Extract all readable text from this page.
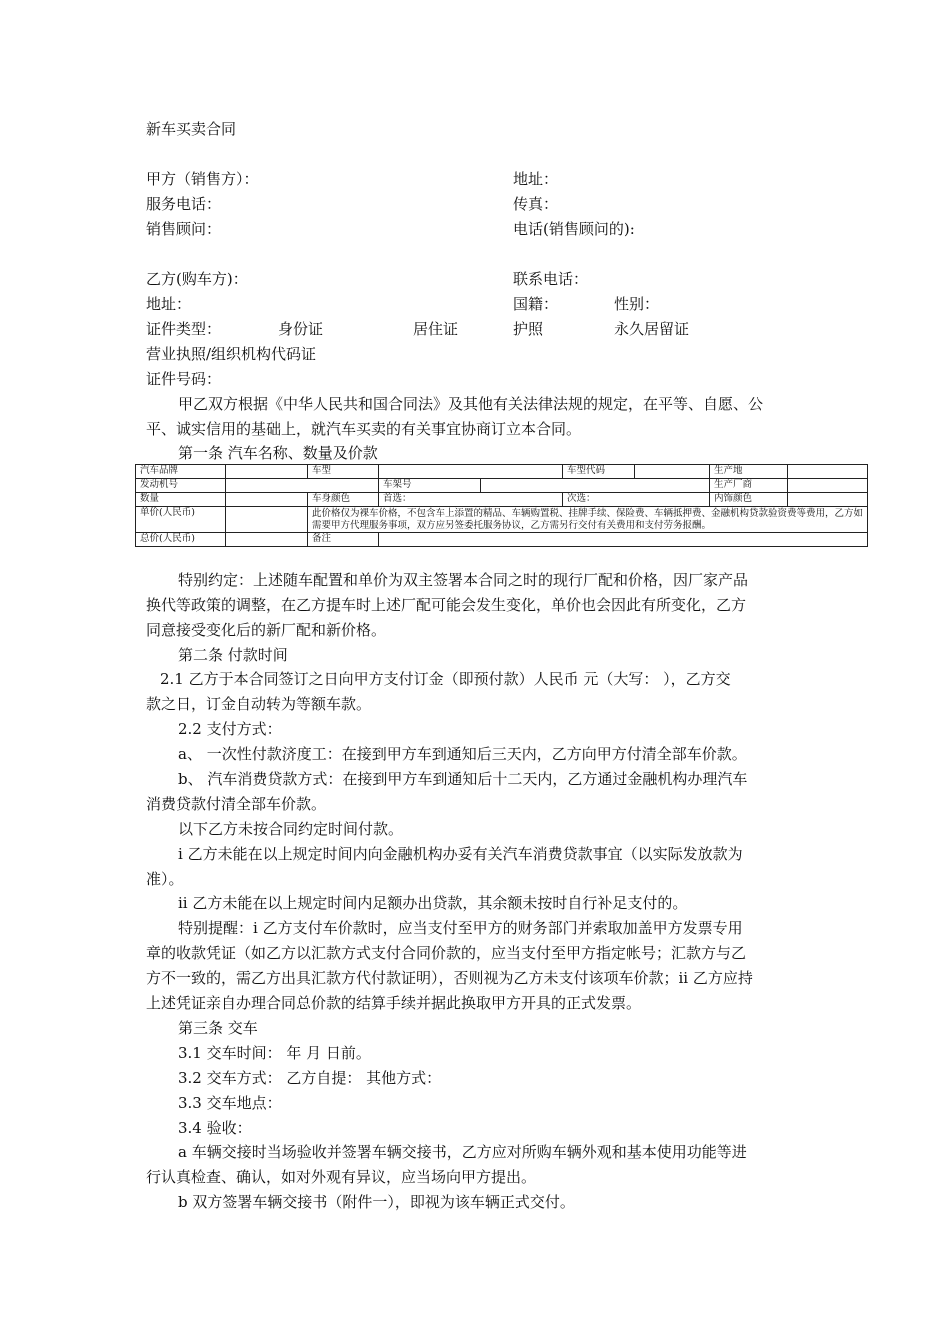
新车买卖合同
甲方（销售方）：	地址：
服务电话：	传真：
销售顾问：	电话(销售顾问的):
乙方(购车方)：	联系电话：
地址：	国籍：	性别：
证件类型：	身份证	居住证	护照	永久居留证
营业执照/组织机构代码证
证件号码：
甲乙双方根据《中华人民共和国合同法》及其他有关法律法规的规定，在平等、自愿、公
平、诚实信用的基础上，就汽车买卖的有关事宜协商订立本合同。
第一条 汽车名称、数量及价款
汽车品牌		车型			车型代码		生产地	
发动机号			车架号				生产厂商	
数量		车身颜色	首选：		次选：		内饰颜色	
单价(人民币)		此价格仅为裸车价格，不包含车上添置的精品、车辆购置税、挂牌手续、保险费、车辆抵押费、金融机构贷款验资费等费用，乙方如需要甲方代理服务事项，双方应另签委托服务协议，乙方需另行交付有关费用和支付劳务报酬。						
总价(人民币)		备注						
特别约定：上述随车配置和单价为双主签署本合同之时的现行厂配和价格，因厂家产品
换代等政策的调整，在乙方提车时上述厂配可能会发生变化，单价也会因此有所变化，乙方
同意接受变化后的新厂配和新价格。
第二条 付款时间
2.1 乙方于本合同签订之日向甲方支付订金（即预付款）人民币 元（大写： ），乙方交
款之日，订金自动转为等额车款。
2.2 支付方式：
a、 一次性付款济度工：在接到甲方车到通知后三天内，乙方向甲方付清全部车价款。
b、 汽车消费贷款方式：在接到甲方车到通知后十二天内，乙方通过金融机构办理汽车
消费贷款付清全部车价款。
以下乙方未按合同约定时间付款。
i 乙方未能在以上规定时间内向金融机构办妥有关汽车消费贷款事宜（以实际发放款为
准）。
ii 乙方未能在以上规定时间内足额办出贷款，其余额未按时自行补足支付的。
特别提醒：i 乙方支付车价款时，应当支付至甲方的财务部门并索取加盖甲方发票专用
章的收款凭证（如乙方以汇款方式支付合同价款的，应当支付至甲方指定帐号；汇款方与乙
方不一致的，需乙方出具汇款方代付款证明），否则视为乙方未支付该项车价款；ii 乙方应持
上述凭证亲自办理合同总价款的结算手续并据此换取甲方开具的正式发票。
第三条 交车
3.1 交车时间： 年 月 日前。
3.2 交车方式： 乙方自提： 其他方式：
3.3 交车地点：
3.4 验收：
a 车辆交接时当场验收并签署车辆交接书，乙方应对所购车辆外观和基本使用功能等进
行认真检查、确认，如对外观有异议，应当场向甲方提出。
b 双方签署车辆交接书（附件一），即视为该车辆正式交付。
